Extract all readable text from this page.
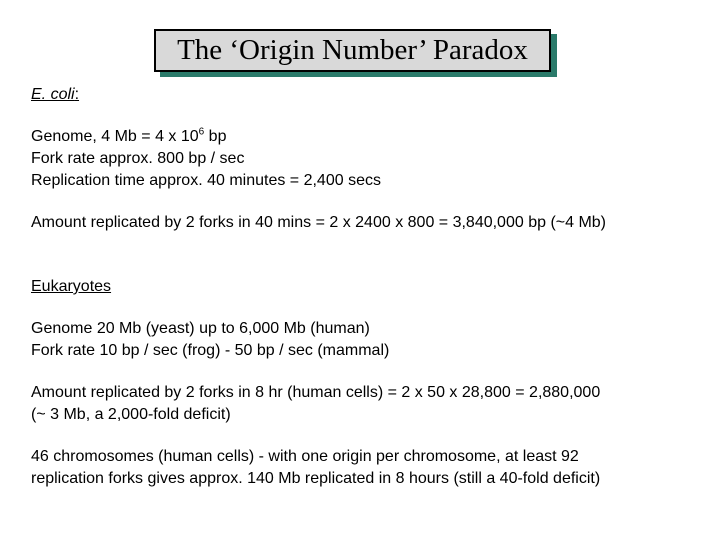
The ‘Origin Number’ Paradox
E. coli:
Genome, 4 Mb = 4 x $10^6$ bp
Fork rate approx. 800 bp / sec
Replication time approx. 40 minutes = 2,400 secs
Amount replicated by 2 forks in 40 mins = 2 x 2400 x 800 = 3,840,000 bp (~4 Mb)
Eukaryotes
Genome 20 Mb (yeast) up to 6,000 Mb (human)
Fork rate 10 bp / sec (frog) - 50 bp / sec (mammal)
Amount replicated by 2 forks in 8 hr (human cells) = 2 x 50 x 28,800 = 2,880,000
(~ 3 Mb, a 2,000-fold deficit)
46 chromosomes (human cells) - with one origin per chromosome, at least 92
replication forks gives approx. 140 Mb replicated in 8 hours (still a 40-fold deficit)
